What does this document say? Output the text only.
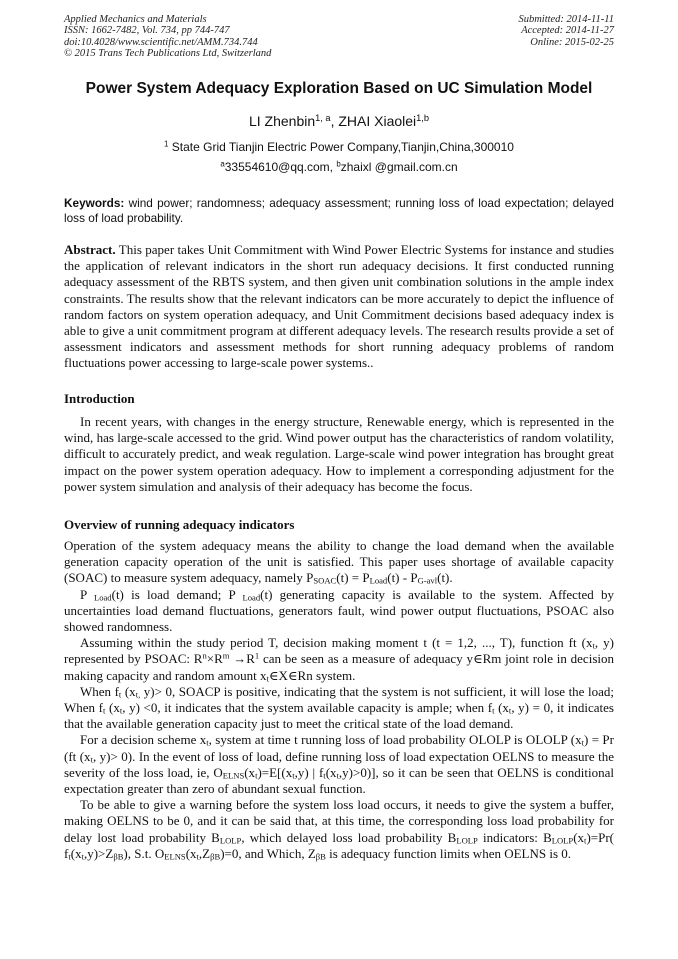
Applied Mechanics and Materials
ISSN: 1662-7482, Vol. 734, pp 744-747
doi:10.4028/www.scientific.net/AMM.734.744
© 2015 Trans Tech Publications Ltd, Switzerland
Submitted: 2014-11-11
Accepted: 2014-11-27
Online: 2015-02-25
Power System Adequacy Exploration Based on UC Simulation Model
LI Zhenbin$^{1, a}$, ZHAI Xiaolei$^{1,b}$
$^1$ State Grid Tianjin Electric Power Company,Tianjin,China,300010
$^a$33554610@qq.com, $^b$zhaixl @gmail.com.cn
Keywords: wind power; randomness; adequacy assessment; running loss of load expectation; delayed loss of load probability.

Abstract. This paper takes Unit Commitment with Wind Power Electric Systems for instance and studies the application of relevant indicators in the short run adequacy decisions. It first conducted running adequacy assessment of the RBTS system, and then given unit combination solutions in the ample index constraints. The results show that the relevant indicators can be more accurately to depict the influence of random factors on system operation adequacy, and Unit Commitment decisions based adequacy index is able to give a unit commitment program at different adequacy levels. The research results provide a set of assessment indicators and assessment methods for short running adequacy problems of random fluctuations power accessing to large-scale power systems..

Introduction

In recent years, with changes in the energy structure, Renewable energy, which is represented in the wind, has large-scale accessed to the grid. Wind power output has the characteristics of random volatility, difficult to accurately predict, and weak regulation. Large-scale wind power integration has brought great impact on the power system operation adequacy. How to implement a corresponding adjustment for the power system simulation and analysis of their adequacy has become the focus.

Overview of running adequacy indicators

Operation of the system adequacy means the ability to change the load demand when the available generation capacity operation of the unit is satisfied. This paper uses shortage of available capacity (SOAC) to measure system adequacy, namely $P_{SOAC}(t) = P_{Load}(t) - P_{G-avl}(t)$.

P $_{Load}$(t) is load demand; P $_{Load}$(t) generating capacity is available to the system. Affected by uncertainties load demand fluctuations, generators fault, wind power output fluctuations, PSOAC also showed randomness.

Assuming within the study period T, decision making moment t (t = 1,2, ..., T), function ft ($x_t$, y) represented by PSOAC: $R^n\times R^m \to R^1$ can be seen as a measure of adequacy y∈Rm joint role in decision making capacity and random amount $x_t\in X\in Rn$ system.

When $f_t$ ($x_{t,}$ y)> 0, SOACP is positive, indicating that the system is not sufficient, it will lose the load; When $f_t$ ($x_t$, y) <0, it indicates that the system available capacity is ample; when $f_t$ ($x_t$, y) = 0, it indicates that the available generation capacity just to meet the critical state of the load demand.

For a decision scheme $x_t$, system at time t running loss of load probability OLOLP is OLOLP $(x_t) = Pr$ (ft ($x_t$, y)> 0). In the event of loss of load, define running loss of load expectation OELNS to measure the severity of the loss load, ie, $O_{ELNS}(x_t)=E[(x_t,y)$ | $f_t(x_t,y)>0$)], so it can be seen that OELNS is conditional expectation greater than zero of abundant sexual function.

To be able to give a warning before the system loss load occurs, it needs to give the system a buffer, making OELNS to be 0, and it can be said that, at this time, the corresponding loss load probability for delay lost load probability $B_{LOLP}$, which delayed loss load probability $B_{LOLP}$ indicators: $B_{LOLP}(x_t)=Pr$( $f_t(x_t,y)>Z_{\beta B}$), S.t. $O_{ELNS}(x_t,Z_{\beta B})=0$, and Which, $Z_{\beta B}$ is adequacy function limits when OELNS is 0.
